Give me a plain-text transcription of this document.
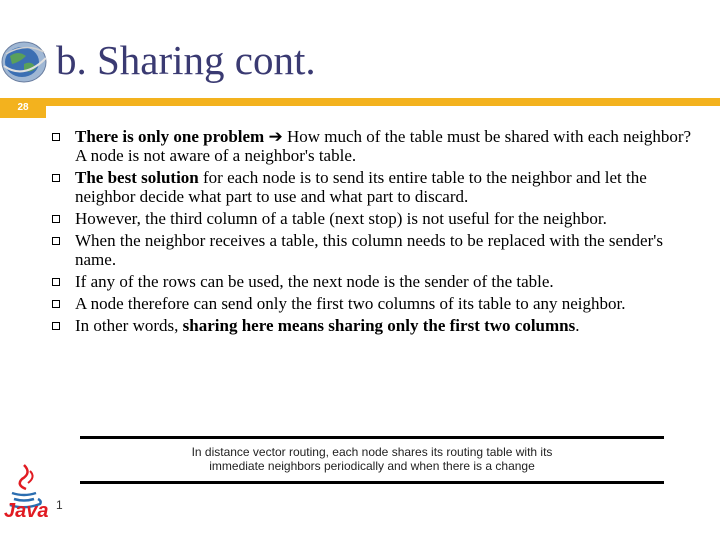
b. Sharing cont.
28
There is only one problem ➔ How much of the table must be shared with each neighbor? A node is not aware of a neighbor's table.
The best solution for each node is to send its entire table to the neighbor and let the neighbor decide what part to use and what part to discard.
However, the third column of a table (next stop) is not useful for the neighbor.
When the neighbor receives a table, this column needs to be replaced with the sender's name.
If any of the rows can be used, the next node is the sender of the table.
A node therefore can send only the first two columns of its table to any neighbor.
In other words, sharing here means sharing only the first two columns.
In distance vector routing, each node shares its routing table with its
immediate neighbors periodically and when there is a change
Java 1
